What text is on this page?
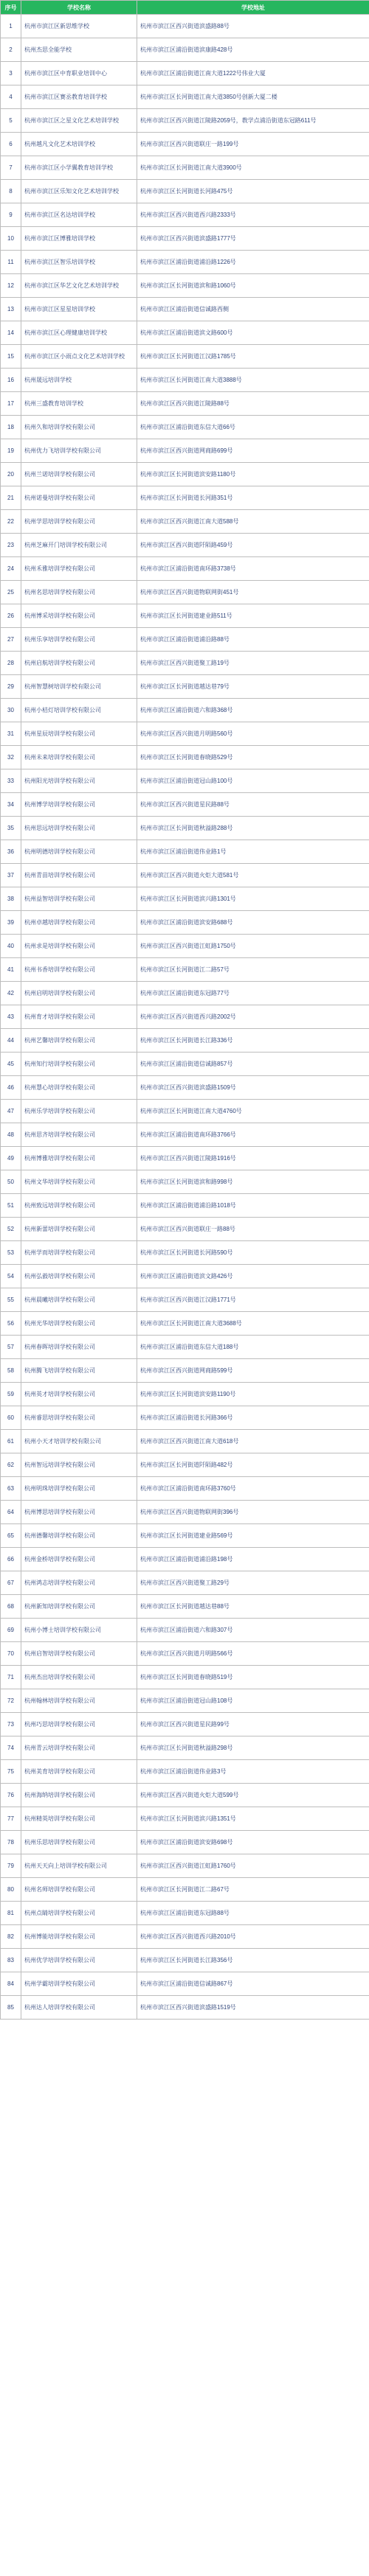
序号	学校名称	学校地址
1	杭州市滨江区新思维学校	杭州市滨江区西兴街道滨盛路88号
2	杭州杰思全能学校	杭州市滨江区浦沿街道滨康路428号
3	杭州市滨江区中育职业培训中心	杭州市滨江区浦沿街道江南大道1222号伟业大厦
4	杭州市滨江区赛丞教育培训学校	杭州市滨江区长河街道江南大道3850号创新大厦二楼
5	杭州市滨江区之星文化艺术培训学校	杭州市滨江区西兴街道江陵路2059号，教学点浦沿街道东冠路611号
6	杭州越凡文化艺术培训学校	杭州市滨江区西兴街道联庄一路199号
7	杭州市滨江区小学翼教育培训学校	杭州市滨江区长河街道江南大道3900号
8	杭州市滨江区乐知文化艺术培训学校	杭州市滨江区长河街道长河路475号
9	杭州市滨江区名达培训学校	杭州市滨江区西兴街道西兴路2333号
10	杭州市滨江区博雅培训学校	杭州市滨江区西兴街道滨盛路1777号
11	杭州市滨江区智乐培训学校	杭州市滨江区浦沿街道浦沿路1226号
12	杭州市滨江区华艺文化艺术培训学校	杭州市滨江区长河街道滨和路1060号
13	杭州市滨江区星星培训学校	杭州市滨江区浦沿街道信诚路西侧
14	杭州市滨江区心理健康培训学校	杭州市滨江区浦沿街道滨文路600号
15	杭州市滨江区小雨点文化艺术培训学校	杭州市滨江区长河街道江汉路1785号
16	杭州晟远培训学校	杭州市滨江区长河街道江南大道3888号
17	杭州三盛教育培训学校	杭州市滨江区西兴街道江陵路88号
18	杭州久和培训学校有限公司	杭州市滨江区浦沿街道东信大道66号
19	杭州优力飞培训学校有限公司	杭州市滨江区西兴街道网商路699号
20	杭州兰诺培训学校有限公司	杭州市滨江区长河街道滨安路1180号
21	杭州诺曼培训学校有限公司	杭州市滨江区长河街道长河路351号
22	杭州学思培训学校有限公司	杭州市滨江区西兴街道江南大道588号
23	杭州芝麻开门培训学校有限公司	杭州市滨江区西兴街道阡陌路459号
24	杭州禾雅培训学校有限公司	杭州市滨江区浦沿街道南环路3738号
25	杭州名思培训学校有限公司	杭州市滨江区西兴街道物联网街451号
26	杭州博采培训学校有限公司	杭州市滨江区长河街道建业路511号
27	杭州乐享培训学校有限公司	杭州市滨江区浦沿街道浦沿路88号
28	杭州启航培训学校有限公司	杭州市滨江区西兴街道聚工路19号
29	杭州智慧树培训学校有限公司	杭州市滨江区长河街道越达巷79号
30	杭州小桔灯培训学校有限公司	杭州市滨江区浦沿街道六和路368号
31	杭州星辰培训学校有限公司	杭州市滨江区西兴街道月明路560号
32	杭州未来培训学校有限公司	杭州市滨江区长河街道春晓路529号
33	杭州阳光培训学校有限公司	杭州市滨江区浦沿街道冠山路100号
34	杭州博学培训学校有限公司	杭州市滨江区西兴街道星民路88号
35	杭州思远培训学校有限公司	杭州市滨江区长河街道秋溢路288号
36	杭州明德培训学校有限公司	杭州市滨江区浦沿街道伟业路1号
37	杭州青苗培训学校有限公司	杭州市滨江区西兴街道火炬大道581号
38	杭州益智培训学校有限公司	杭州市滨江区长河街道滨兴路1301号
39	杭州卓越培训学校有限公司	杭州市滨江区浦沿街道滨安路688号
40	杭州求是培训学校有限公司	杭州市滨江区西兴街道江虹路1750号
41	杭州书香培训学校有限公司	杭州市滨江区长河街道江二路57号
42	杭州启明培训学校有限公司	杭州市滨江区浦沿街道东冠路77号
43	杭州育才培训学校有限公司	杭州市滨江区西兴街道西兴路2002号
44	杭州艺馨培训学校有限公司	杭州市滨江区长河街道长江路336号
45	杭州知行培训学校有限公司	杭州市滨江区浦沿街道信诚路857号
46	杭州慧心培训学校有限公司	杭州市滨江区西兴街道滨盛路1509号
47	杭州乐学培训学校有限公司	杭州市滨江区长河街道江南大道4760号
48	杭州思齐培训学校有限公司	杭州市滨江区浦沿街道南环路3766号
49	杭州博雅培训学校有限公司	杭州市滨江区西兴街道江陵路1916号
50	杭州文华培训学校有限公司	杭州市滨江区长河街道滨和路998号
51	杭州致远培训学校有限公司	杭州市滨江区浦沿街道浦沿路1018号
52	杭州新蕾培训学校有限公司	杭州市滨江区西兴街道联庄一路88号
53	杭州学而培训学校有限公司	杭州市滨江区长河街道长河路590号
54	杭州弘毅培训学校有限公司	杭州市滨江区浦沿街道滨文路426号
55	杭州晨曦培训学校有限公司	杭州市滨江区西兴街道江汉路1771号
56	杭州光华培训学校有限公司	杭州市滨江区长河街道江南大道3688号
57	杭州春晖培训学校有限公司	杭州市滨江区浦沿街道东信大道188号
58	杭州腾飞培训学校有限公司	杭州市滨江区西兴街道网商路599号
59	杭州英才培训学校有限公司	杭州市滨江区长河街道滨安路1190号
60	杭州睿思培训学校有限公司	杭州市滨江区浦沿街道长河路366号
61	杭州小天才培训学校有限公司	杭州市滨江区西兴街道江南大道618号
62	杭州智远培训学校有限公司	杭州市滨江区长河街道阡陌路482号
63	杭州明珠培训学校有限公司	杭州市滨江区浦沿街道南环路3760号
64	杭州博思培训学校有限公司	杭州市滨江区西兴街道物联网街396号
65	杭州德馨培训学校有限公司	杭州市滨江区长河街道建业路569号
66	杭州金桥培训学校有限公司	杭州市滨江区浦沿街道浦沿路198号
67	杭州鸿志培训学校有限公司	杭州市滨江区西兴街道聚工路29号
68	杭州新知培训学校有限公司	杭州市滨江区长河街道越达巷88号
69	杭州小博士培训学校有限公司	杭州市滨江区浦沿街道六和路307号
70	杭州启智培训学校有限公司	杭州市滨江区西兴街道月明路566号
71	杭州杰出培训学校有限公司	杭州市滨江区长河街道春晓路519号
72	杭州翰林培训学校有限公司	杭州市滨江区浦沿街道冠山路108号
73	杭州巧思培训学校有限公司	杭州市滨江区西兴街道星民路99号
74	杭州青云培训学校有限公司	杭州市滨江区长河街道秋溢路298号
75	杭州美育培训学校有限公司	杭州市滨江区浦沿街道伟业路3号
76	杭州海纳培训学校有限公司	杭州市滨江区西兴街道火炬大道599号
77	杭州精英培训学校有限公司	杭州市滨江区长河街道滨兴路1351号
78	杭州乐思培训学校有限公司	杭州市滨江区浦沿街道滨安路698号
79	杭州天天向上培训学校有限公司	杭州市滨江区西兴街道江虹路1760号
80	杭州名师培训学校有限公司	杭州市滨江区长河街道江二路67号
81	杭州点睛培训学校有限公司	杭州市滨江区浦沿街道东冠路88号
82	杭州博能培训学校有限公司	杭州市滨江区西兴街道西兴路2010号
83	杭州优学培训学校有限公司	杭州市滨江区长河街道长江路356号
84	杭州学霸培训学校有限公司	杭州市滨江区浦沿街道信诚路867号
85	杭州达人培训学校有限公司	杭州市滨江区西兴街道滨盛路1519号
